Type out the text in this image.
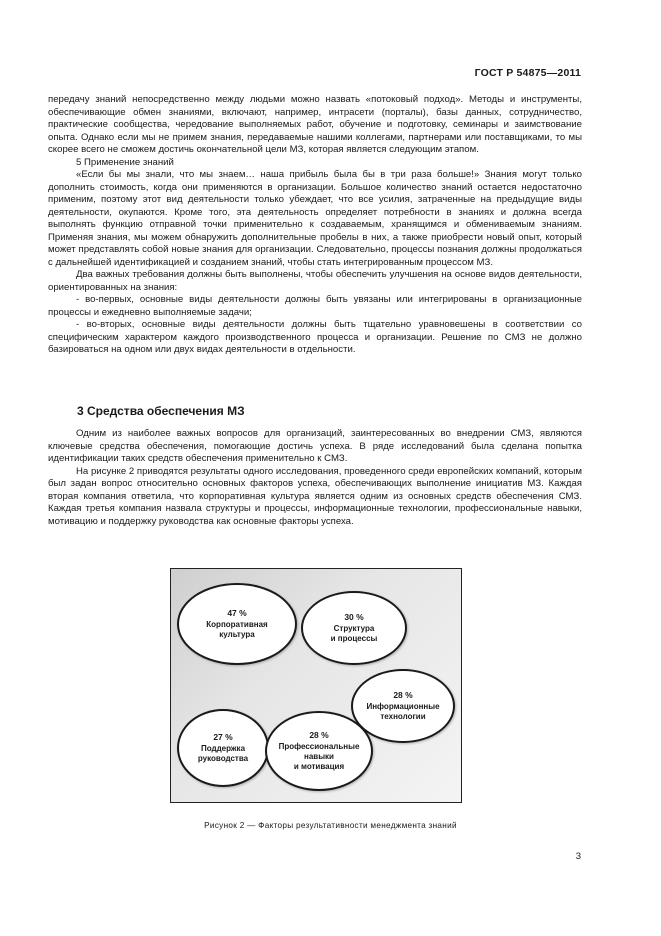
ГОСТ Р 54875—2011

передачу знаний непосредственно между людьми можно назвать «потоковый подход». Методы и инструменты, обеспечивающие обмен знаниями, включают, например, интрасети (порталы), базы данных, сотрудничество, практические сообщества, чередование выполняемых работ, обучение и подготовку, семинары и заимствование опыта. Однако если мы не примем знания, передаваемые нашими коллегами, партнерами или поставщиками, то мы скорее всего не сможем достичь окончательной цели МЗ, которая является следующим этапом.

5 Применение знаний

«Если бы мы знали, что мы знаем… наша прибыль была бы в три раза больше!» Знания могут только дополнить стоимость, когда они применяются в организации. Большое количество знаний остается недостаточно применим, поэтому этот вид деятельности только убеждает, что все усилия, затраченные на предыдущие виды деятельности, окупаются. Кроме того, эта деятельность определяет потребности в знаниях и должна всегда выполнять функцию отправной точки применительно к создаваемым, хранящимся и обмениваемым знаниям. Применяя знания, мы можем обнаружить дополнительные пробелы в них, а также приобрести новый опыт, который может представлять собой новые знания для организации. Следовательно, процессы познания должны продолжаться с дальнейшей идентификацией и созданием знаний, чтобы стать интегрированным процессом МЗ.

Два важных требования должны быть выполнены, чтобы обеспечить улучшения на основе видов деятельности, ориентированных на знания:

- во-первых, основные виды деятельности должны быть увязаны или интегрированы в организационные процессы и ежедневно выполняемые задачи;

- во-вторых, основные виды деятельности должны быть тщательно уравновешены в соответствии со специфическим характером каждого производственного процесса и организации. Решение по СМЗ не должно базироваться на одном или двух видах деятельности в отдельности.

3 Средства обеспечения МЗ

Одним из наиболее важных вопросов для организаций, заинтересованных во внедрении СМЗ, являются ключевые средства обеспечения, помогающие достичь успеха. В ряде исследований была сделана попытка идентификации таких средств обеспечения применительно к СМЗ.

На рисунке 2 приводятся результаты одного исследования, проведенного среди европейских компаний, которым был задан вопрос относительно основных факторов успеха, обеспечивающих выполнение инициатив МЗ. Каждая вторая компания ответила, что корпоративная культура является одним из основных средств обеспечения СМЗ. Каждая третья компания назвала структуры и процессы, информационные технологии, профессиональные навыки, мотивацию и поддержку руководства как основные факторы успеха.

47 %
Корпоративная
культура
30 %
Структура
и процессы
28 %
Информационные
технологии
27 %
Поддержка
руководства
28 %
Профессиональные
навыки
и мотивация
Рисунок 2 — Факторы результативности менеджмента знаний
3
